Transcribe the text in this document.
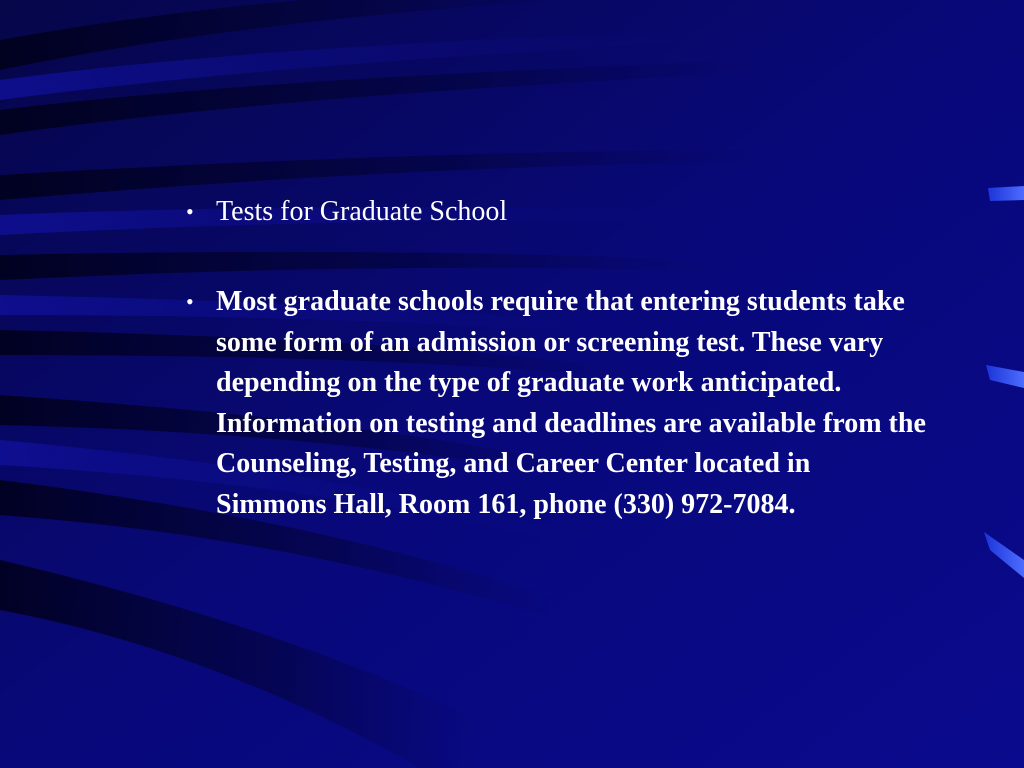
• Tests for Graduate School
• Most graduate schools require that entering students take some form of an admission or screening test. These vary depending on the type of graduate work anticipated. Information on testing and deadlines are available from the Counseling, Testing, and Career Center located in Simmons Hall, Room 161, phone (330) 972-7084.
